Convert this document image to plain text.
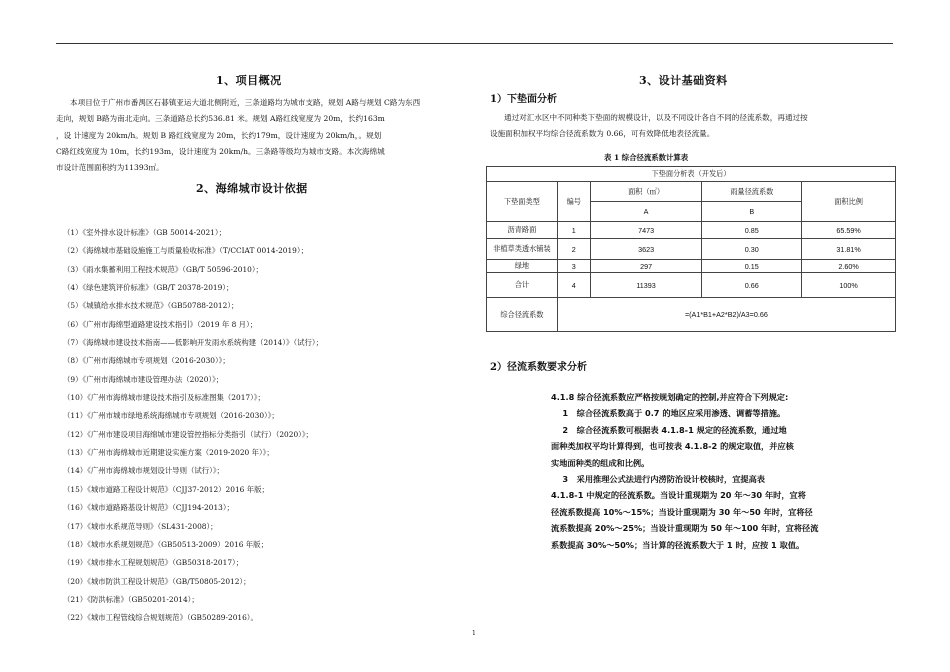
1、项目概况

本项目位于广州市番禺区石碁镇亚运大道北侧附近，三条道路均为城市支路，规划 A路与规划 C路为东西

走向，规划 B路为南北走向。三条道路总长约536.81 米。规划 A路红线宽度为 20m，长约163m

，设 计速度为 20km/h。规划 B 路红线宽度为 20m，长约179m，设计速度为 20km/h，。规划

C路红线宽度为 10m，长约193m，设计速度为 20km/h。三条路等级均为城市支路。本次海绵城

市设计范围面积约为11393㎡。

2、海绵城市设计依据
（1）《室外排水设计标准》（GB 50014-2021）；
（2）《海绵城市基础设施施工与质量验收标准》（T/CCIAT 0014-2019）；
（3）《雨水集蓄利用工程技术规范》（GB/T 50596-2010）；
（4）《绿色建筑评价标准》（GB/T 20378-2019）；
（5）《城镇给水排水技术规范》（GB50788-2012）；
（6）《广州市海绵型道路建设技术指引》（2019 年 8 月）；
（7）《海绵城市建设技术指南——低影响开发雨水系统构建（2014）》（试行）；
（8）《广州市海绵城市专项规划（2016-2030）》；
（9）《广州市海绵城市建设管理办法（2020）》；
（10）《广州市海绵城市建设技术指引及标准图集（2017）》；
（11）《广州市城市绿地系统海绵城市专项规划（2016-2030）》；
（12）《广州市建设项目海绵城市建设管控指标分类指引（试行）（2020）》；
（13）《广州市海绵城市近期建设实施方案（2019-2020 年）》；
（14）《广州市海绵城市规划设计导则（试行）》；
（15）《城市道路工程设计规范》（CJJ37-2012）2016 年版；
（16）《城市道路路基设计规范》（CJJ194-2013）；
（17）《城市水系规范导则》（SL431-2008）；
（18）《城市水系规划规范》（GB50513-2009）2016 年版；
（19）《城市排水工程规划规范》（GB50318-2017）；
（20）《城市防洪工程设计规范》（GB/T50805-2012）；
（21）《防洪标准》（GB50201-2014）；
（22）《城市工程管线综合规划规范》（GB50289-2016）。
3、设计基础资料
1）下垫面分析

通过对汇水区中不同种类下垫面的规模设计，以及不同设计各自不同的径流系数，再通过按

设施面积加权平均综合径流系数为 0.66，可有效降低地表径流量。

表 1 综合径流系数计算表
下垫面分析表（开发后）				
下垫面类型	编号	面积（㎡）	雨量径流系数	面积比例
		A	B	
沥青路面	1	7473	0.85	65.59%
非植草类透水铺装	2	3623	0.30	31.81%
绿地	3	297	0.15	2.60%
合计	4	11393	0.66	100%
综合径流系数	=(A1*B1+A2*B2)/A3=0.66			
2）径流系数要求分析

4.1.8 综合径流系数应严格按规划确定的控制,并应符合下列规定:

1   综合径流系数高于 0.7 的地区应采用渗透、调蓄等措施。

2   综合径流系数可根据表 4.1.8-1 规定的径流系数，通过地

面种类加权平均计算得到，也可按表 4.1.8-2 的规定取值，并应核

实地面种类的组成和比例。

3   采用推理公式法进行内涝防治设计校核时，宜提高表

4.1.8-1 中规定的径流系数。当设计重现期为 20 年～30 年时，宜将

径流系数提高 10%～15%；当设计重现期为 30 年～50 年时，宜将径

流系数提高 20%～25%；当设计重现期为 50 年～100 年时，宜将径流

系数提高 30%～50%；当计算的径流系数大于 1 时，应按 1 取值。

1
